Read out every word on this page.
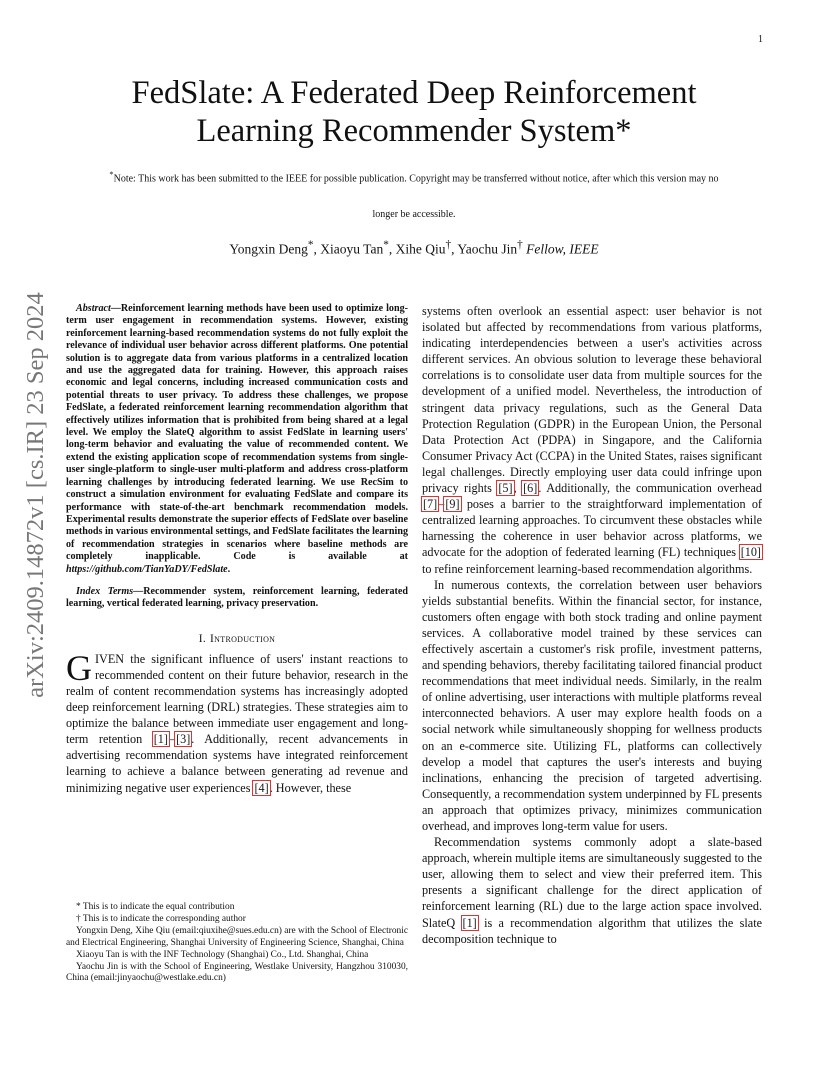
1
FedSlate: A Federated Deep Reinforcement
Learning Recommender System*
*Note: This work has been submitted to the IEEE for possible publication. Copyright may be transferred without notice, after which this version may no
longer be accessible.
Yongxin Deng*, Xiaoyu Tan*, Xihe Qiu†, Yaochu Jin† Fellow, IEEE
arXiv:2409.14872v1 [cs.IR] 23 Sep 2024	Abstract—Reinforcement learning methods have been used to optimize long-term user engagement in recommendation systems. However, existing reinforcement learning-based recommendation systems do not fully exploit the relevance of individual user behavior across different platforms. One potential solution is to aggregate data from various platforms in a centralized location and use the aggregated data for training. However, this approach raises economic and legal concerns, including increased communication costs and potential threats to user privacy. To address these challenges, we propose FedSlate, a federated reinforcement learning recommendation algorithm that effectively utilizes information that is prohibited from being shared at a legal level. We employ the SlateQ algorithm to assist FedSlate in learning users' long-term behavior and evaluating the value of recommended content. We extend the existing application scope of recommendation systems from single-user single-platform to single-user multi-platform and address cross-platform learning challenges by introducing federated learning. We use RecSim to construct a simulation environment for evaluating FedSlate and compare its performance with state-of-the-art benchmark recommendation models. Experimental results demonstrate the superior effects of FedSlate over baseline methods in various environmental settings, and FedSlate facilitates the learning of recommendation strategies in scenarios where baseline methods are completely inapplicable. Code is available at https://github.com/TianYaDY/FedSlate.

Index Terms—Recommender system, reinforcement learning, federated learning, vertical federated learning, privacy preservation.

I. Introduction

GIVEN the significant influence of users' instant reactions to recommended content on their future behavior, research in the realm of content recommendation systems has increasingly adopted deep reinforcement learning (DRL) strategies. These strategies aim to optimize the balance between immediate user engagement and long-term retention [1]–[3]. Additionally, recent advancements in advertising recommendation systems have integrated reinforcement learning to achieve a balance between generating ad revenue and minimizing negative user experiences [4]. However, these

* This is to indicate the equal contribution

† This is to indicate the corresponding author

Yongxin Deng, Xihe Qiu (email:qiuxihe@sues.edu.cn) are with the School of Electronic and Electrical Engineering, Shanghai University of Engineering Science, Shanghai, China

Xiaoyu Tan is with the INF Technology (Shanghai) Co., Ltd. Shanghai, China

Yaochu Jin is with the School of Engineering, Westlake University, Hangzhou 310030, China (email:jinyaochu@westlake.edu.cn)

systems often overlook an essential aspect: user behavior is not isolated but affected by recommendations from various platforms, indicating interdependencies between a user's activities across different services. An obvious solution to leverage these behavioral correlations is to consolidate user data from multiple sources for the development of a unified model. Nevertheless, the introduction of stringent data privacy regulations, such as the General Data Protection Regulation (GDPR) in the European Union, the Personal Data Protection Act (PDPA) in Singapore, and the California Consumer Privacy Act (CCPA) in the United States, raises significant legal challenges. Directly employing user data could infringe upon privacy rights [5], [6]. Additionally, the communication overhead [7]–[9] poses a barrier to the straightforward implementation of centralized learning approaches. To circumvent these obstacles while harnessing the coherence in user behavior across platforms, we advocate for the adoption of federated learning (FL) techniques [10] to refine reinforcement learning-based recommendation algorithms.

In numerous contexts, the correlation between user behaviors yields substantial benefits. Within the financial sector, for instance, customers often engage with both stock trading and online payment services. A collaborative model trained by these services can effectively ascertain a customer's risk profile, investment patterns, and spending behaviors, thereby facilitating tailored financial product recommendations that meet individual needs. Similarly, in the realm of online advertising, user interactions with multiple platforms reveal interconnected behaviors. A user may explore health foods on a social network while simultaneously shopping for wellness products on an e-commerce site. Utilizing FL, platforms can collectively develop a model that captures the user's interests and buying inclinations, enhancing the precision of targeted advertising. Consequently, a recommendation system underpinned by FL presents an approach that optimizes privacy, minimizes communication overhead, and improves long-term value for users.

Recommendation systems commonly adopt a slate-based approach, wherein multiple items are simultaneously suggested to the user, allowing them to select and view their preferred item. This presents a significant challenge for the direct application of reinforcement learning (RL) due to the large action space involved. SlateQ [1] is a recommendation algorithm that utilizes the slate decomposition technique to
